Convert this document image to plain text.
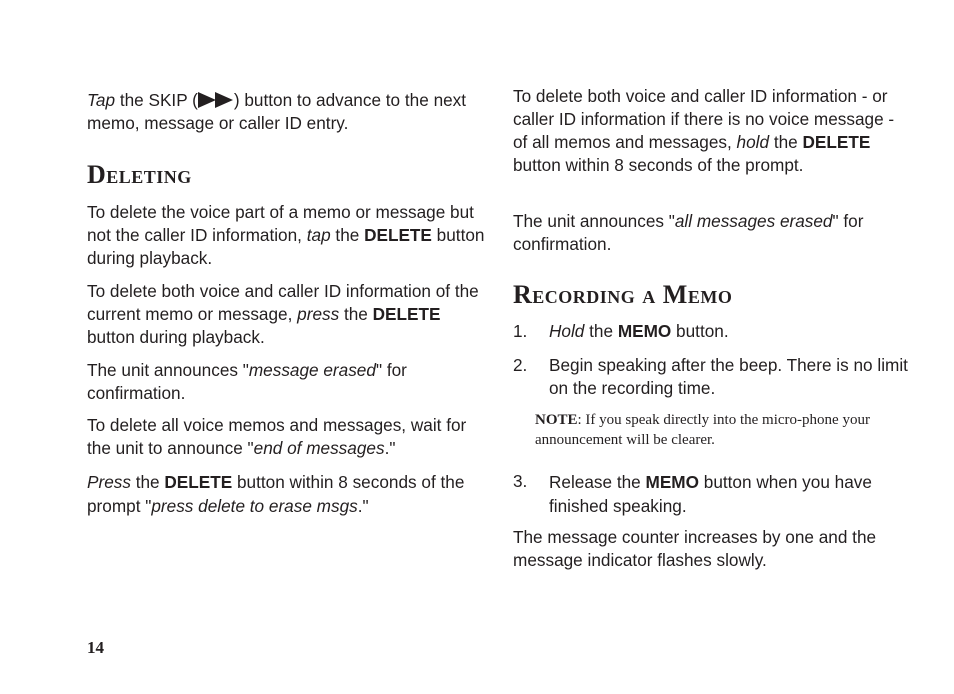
Tap the SKIP ( ) button to advance to the next memo, message or caller ID entry.

Deleting

To delete the voice part of a memo or message but not the caller ID information, tap the DELETE button during playback.

To delete both voice and caller ID information of the current memo or message, press the DELETE button during playback.

The unit announces "message erased" for confirmation.

To delete all voice memos and messages, wait for the unit to announce "end of messages."

Press the DELETE button within 8 seconds of the prompt "press delete to erase msgs."

To delete both voice and caller ID information - or caller ID information if there is no voice message - of all memos and messages, hold the DELETE button within 8 seconds of the prompt.

The unit announces "all messages erased" for confirmation.

Recording a Memo

1. Hold the MEMO button.

2. Begin speaking after the beep. There is no limit on the recording time.

NOTE: If you speak directly into the micro-phone your announcement will be clearer.

3. Release the MEMO button when you have finished speaking.

The message counter increases by one and the message indicator flashes slowly.

14
